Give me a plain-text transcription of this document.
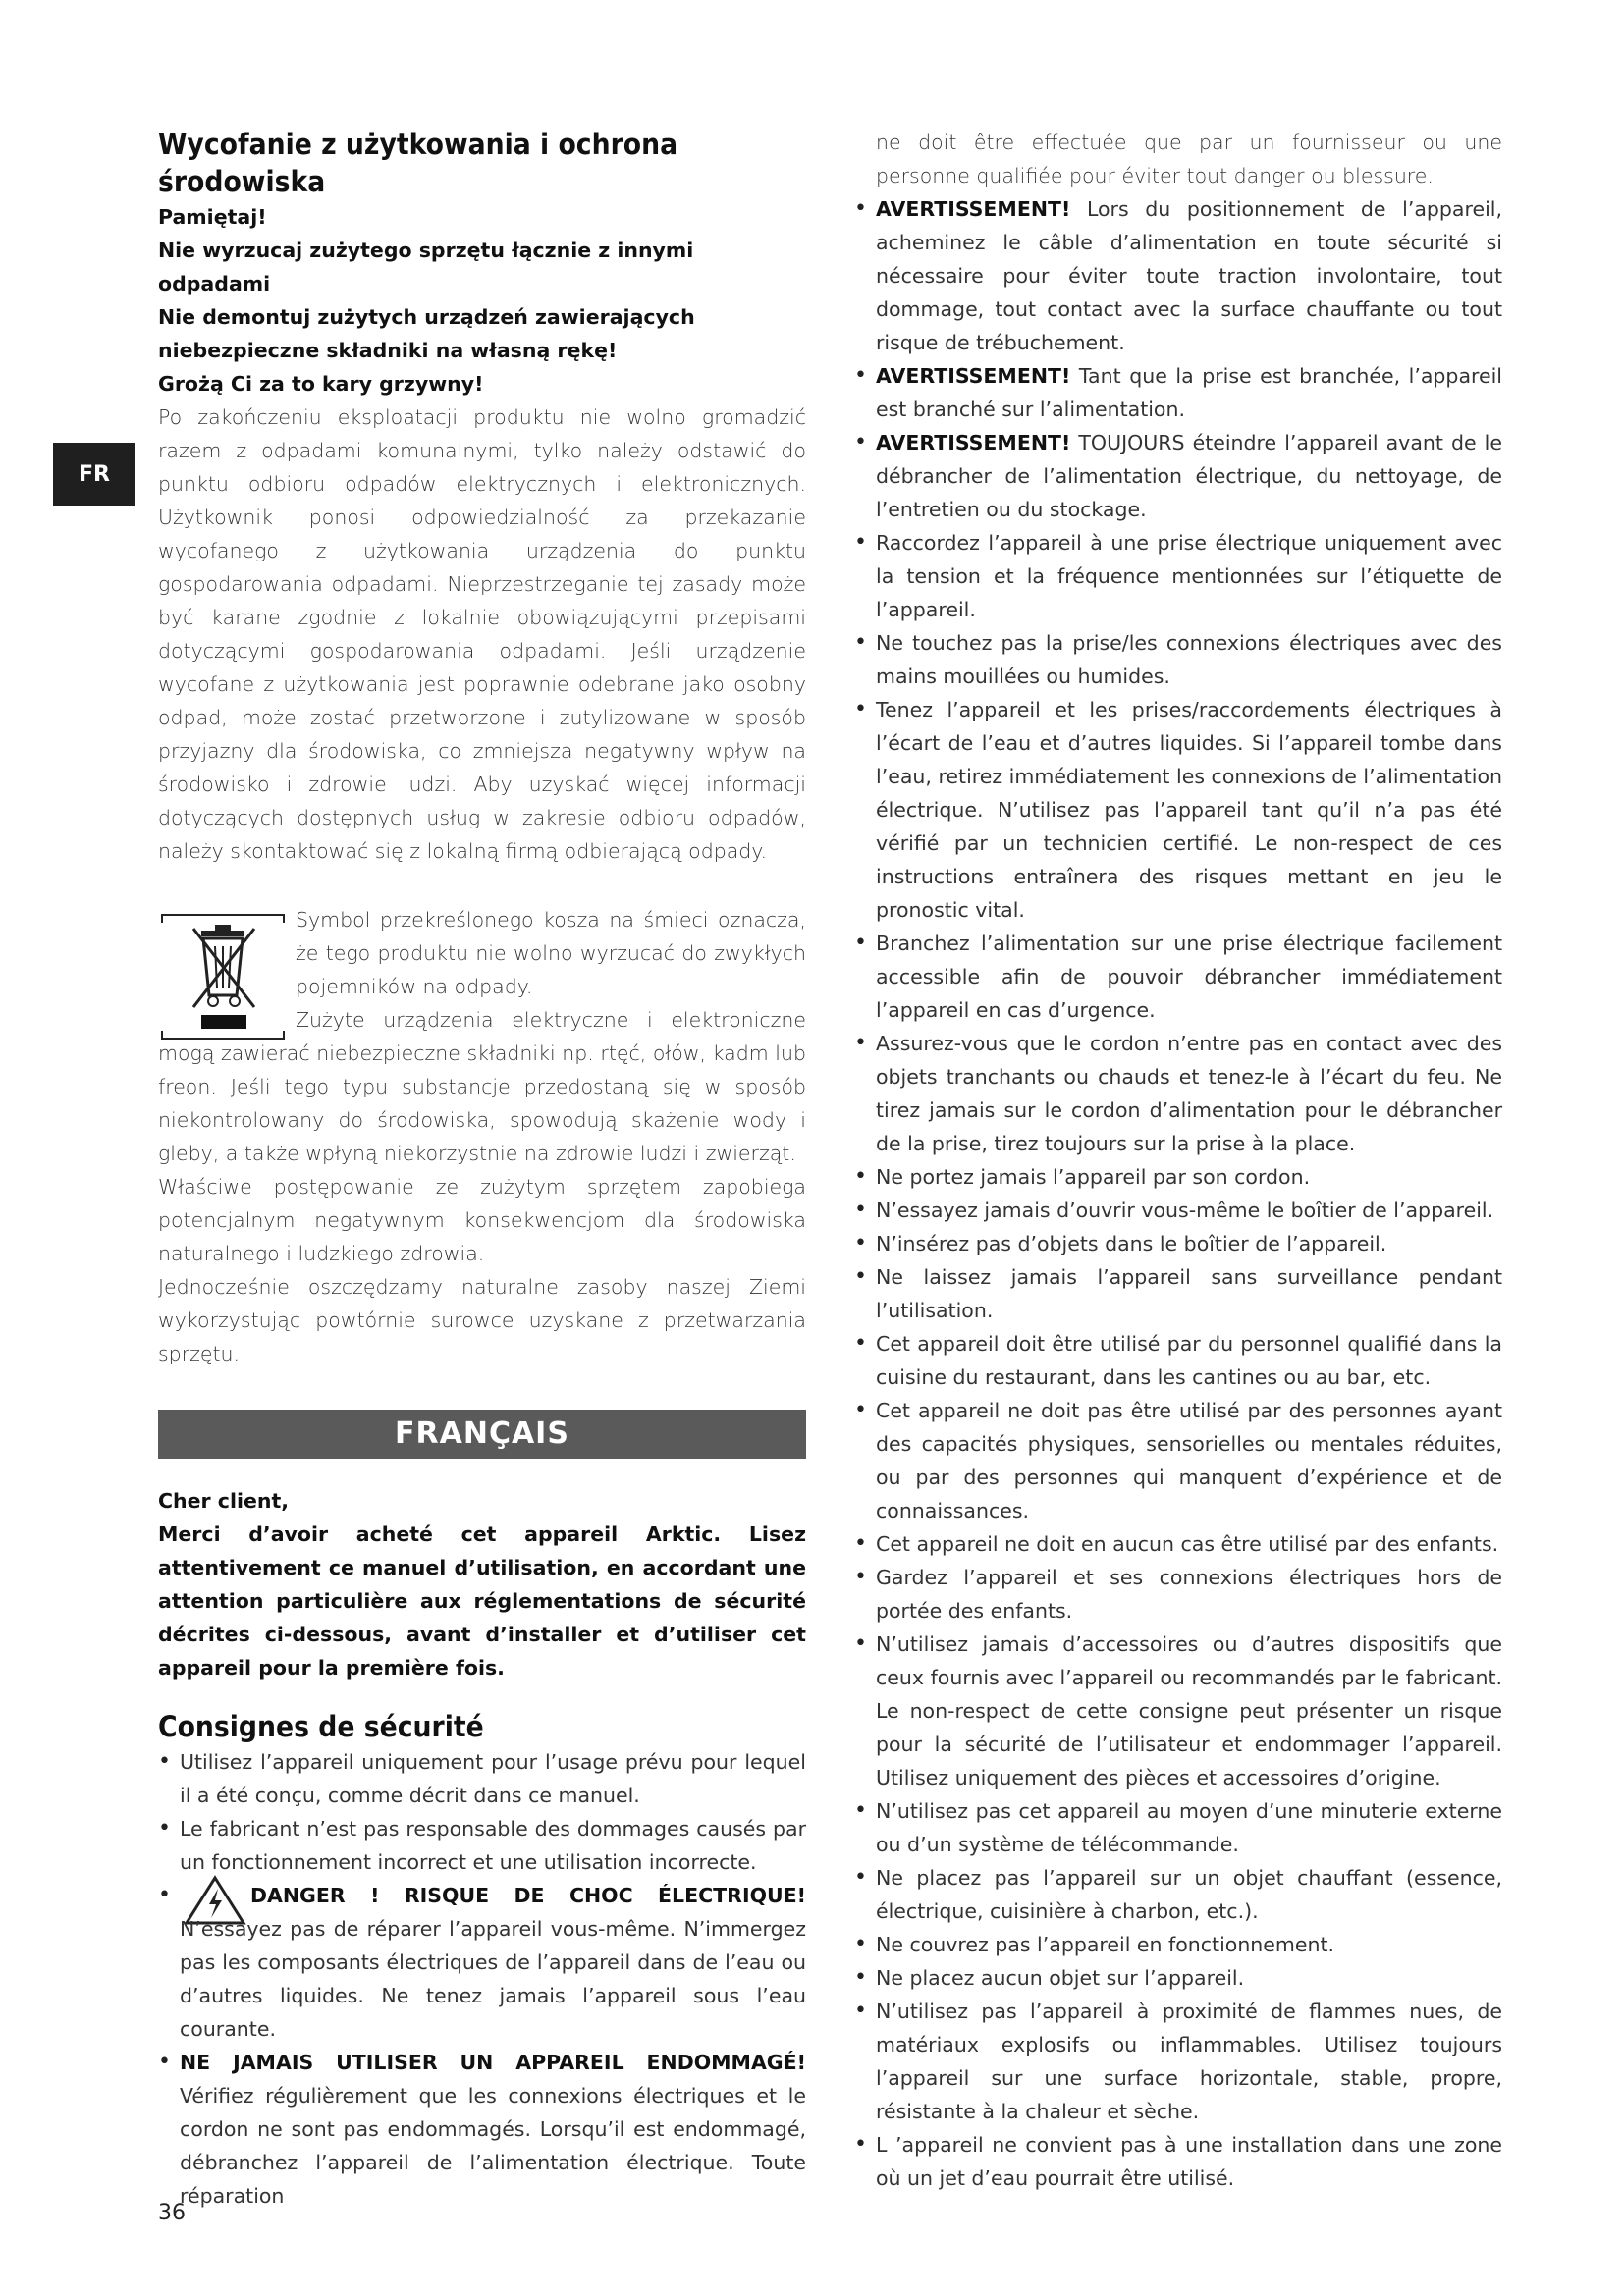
FR
Wycofanie z użytkowania i ochrona środowiska

Pamiętaj!

Nie wyrzucaj zużytego sprzętu łącznie z innymi odpadami

Nie demontuj zużytych urządzeń zawierających niebezpieczne składniki na własną rękę!

Grożą Ci za to kary grzywny!

Po zakończeniu eksploatacji produktu nie wolno gromadzić razem z odpadami komunalnymi, tylko należy odstawić do punktu odbioru odpadów elektrycznych i elektronicznych. Użytkownik ponosi odpowiedzialność za przekazanie wycofanego z użytkowania urządzenia do punktu gospodarowania odpadami. Nieprzestrzeganie tej zasady może być karane zgodnie z lokalnie obowiązującymi przepisami dotyczącymi gospodarowania odpadami. Jeśli urządzenie wycofane z użytkowania jest poprawnie odebrane jako osobny odpad, może zostać przetworzone i zutylizowane w sposób przyjazny dla środowiska, co zmniejsza negatywny wpływ na środowisko i zdrowie ludzi. Aby uzyskać więcej informacji dotyczących dostępnych usług w zakresie odbioru odpadów, należy skontaktować się z lokalną firmą odbierającą odpady.

Symbol przekreślonego kosza na śmieci oznacza, że tego produktu nie wolno wyrzucać do zwykłych pojemników na odpady.

Zużyte urządzenia elektryczne i elektroniczne mogą zawierać niebezpieczne składniki np. rtęć, ołów, kadm lub freon. Jeśli tego typu substancje przedostaną się w sposób niekontrolowany do środowiska, spowodują skażenie wody i gleby, a także wpłyną niekorzystnie na zdrowie ludzi i zwierząt.

Właściwe postępowanie ze zużytym sprzętem zapobiega potencjalnym negatywnym konsekwencjom dla środowiska naturalnego i ludzkiego zdrowia.

Jednocześnie oszczędzamy naturalne zasoby naszej Ziemi wykorzystując powtórnie surowce uzyskane z przetwarzania sprzętu.

FRANÇAIS

Cher client,

Merci d’avoir acheté cet appareil Arktic. Lisez attentivement ce manuel d’utilisation, en accordant une attention particulière aux réglementations de sécurité décrites ci-dessous, avant d’installer et d’utiliser cet appareil pour la première fois.

Consignes de sécurité
• Utilisez l’appareil uniquement pour l’usage prévu pour lequel il a été conçu, comme décrit dans ce manuel.
• Le fabricant n’est pas responsable des dommages causés par un fonctionnement incorrect et une utilisation incorrecte.
• DANGER ! RISQUE DE CHOC ÉLECTRIQUE! N’essayez pas de réparer l’appareil vous-même. N’immergez pas les composants électriques de l’appareil dans de l’eau ou d’autres liquides. Ne tenez jamais l’appareil sous l’eau courante.
• NE JAMAIS UTILISER UN APPAREIL ENDOMMAGÉ! Vérifiez régulièrement que les connexions électriques et le cordon ne sont pas endommagés. Lorsqu’il est endommagé, débranchez l’appareil de l’alimentation électrique. Toute réparation

ne doit être effectuée que par un fournisseur ou une personne qualifiée pour éviter tout danger ou blessure.

• AVERTISSEMENT! Lors du positionnement de l’appareil, acheminez le câble d’alimentation en toute sécurité si nécessaire pour éviter toute traction involontaire, tout dommage, tout contact avec la surface chauffante ou tout risque de trébuchement.
• AVERTISSEMENT! Tant que la prise est branchée, l’appareil est branché sur l’alimentation.
• AVERTISSEMENT! TOUJOURS éteindre l’appareil avant de le débrancher de l’alimentation électrique, du nettoyage, de l’entretien ou du stockage.
• Raccordez l’appareil à une prise électrique uniquement avec la tension et la fréquence mentionnées sur l’étiquette de l’appareil.
• Ne touchez pas la prise/les connexions électriques avec des mains mouillées ou humides.
• Tenez l’appareil et les prises/raccordements électriques à l’écart de l’eau et d’autres liquides. Si l’appareil tombe dans l’eau, retirez immédiatement les connexions de l’alimentation électrique. N’utilisez pas l’appareil tant qu’il n’a pas été vérifié par un technicien certifié. Le non-respect de ces instructions entraînera des risques mettant en jeu le pronostic vital.
• Branchez l’alimentation sur une prise électrique facilement accessible afin de pouvoir débrancher immédiatement l’appareil en cas d’urgence.
• Assurez-vous que le cordon n’entre pas en contact avec des objets tranchants ou chauds et tenez-le à l’écart du feu. Ne tirez jamais sur le cordon d’alimentation pour le débrancher de la prise, tirez toujours sur la prise à la place.
• Ne portez jamais l’appareil par son cordon.
• N’essayez jamais d’ouvrir vous-même le boîtier de l’appareil.
• N’insérez pas d’objets dans le boîtier de l’appareil.
• Ne laissez jamais l’appareil sans surveillance pendant l’utilisation.
• Cet appareil doit être utilisé par du personnel qualifié dans la cuisine du restaurant, dans les cantines ou au bar, etc.
• Cet appareil ne doit pas être utilisé par des personnes ayant des capacités physiques, sensorielles ou mentales réduites, ou par des personnes qui manquent d’expérience et de connaissances.
• Cet appareil ne doit en aucun cas être utilisé par des enfants.
• Gardez l’appareil et ses connexions électriques hors de portée des enfants.
• N’utilisez jamais d’accessoires ou d’autres dispositifs que ceux fournis avec l’appareil ou recommandés par le fabricant. Le non-respect de cette consigne peut présenter un risque pour la sécurité de l’utilisateur et endommager l’appareil. Utilisez uniquement des pièces et accessoires d’origine.
• N’utilisez pas cet appareil au moyen d’une minuterie externe ou d’un système de télécommande.
• Ne placez pas l’appareil sur un objet chauffant (essence, électrique, cuisinière à charbon, etc.).
• Ne couvrez pas l’appareil en fonctionnement.
• Ne placez aucun objet sur l’appareil.
• N’utilisez pas l’appareil à proximité de flammes nues, de matériaux explosifs ou inflammables. Utilisez toujours l’appareil sur une surface horizontale, stable, propre, résistante à la chaleur et sèche.
• L ’appareil ne convient pas à une installation dans une zone où un jet d’eau pourrait être utilisé.
36
